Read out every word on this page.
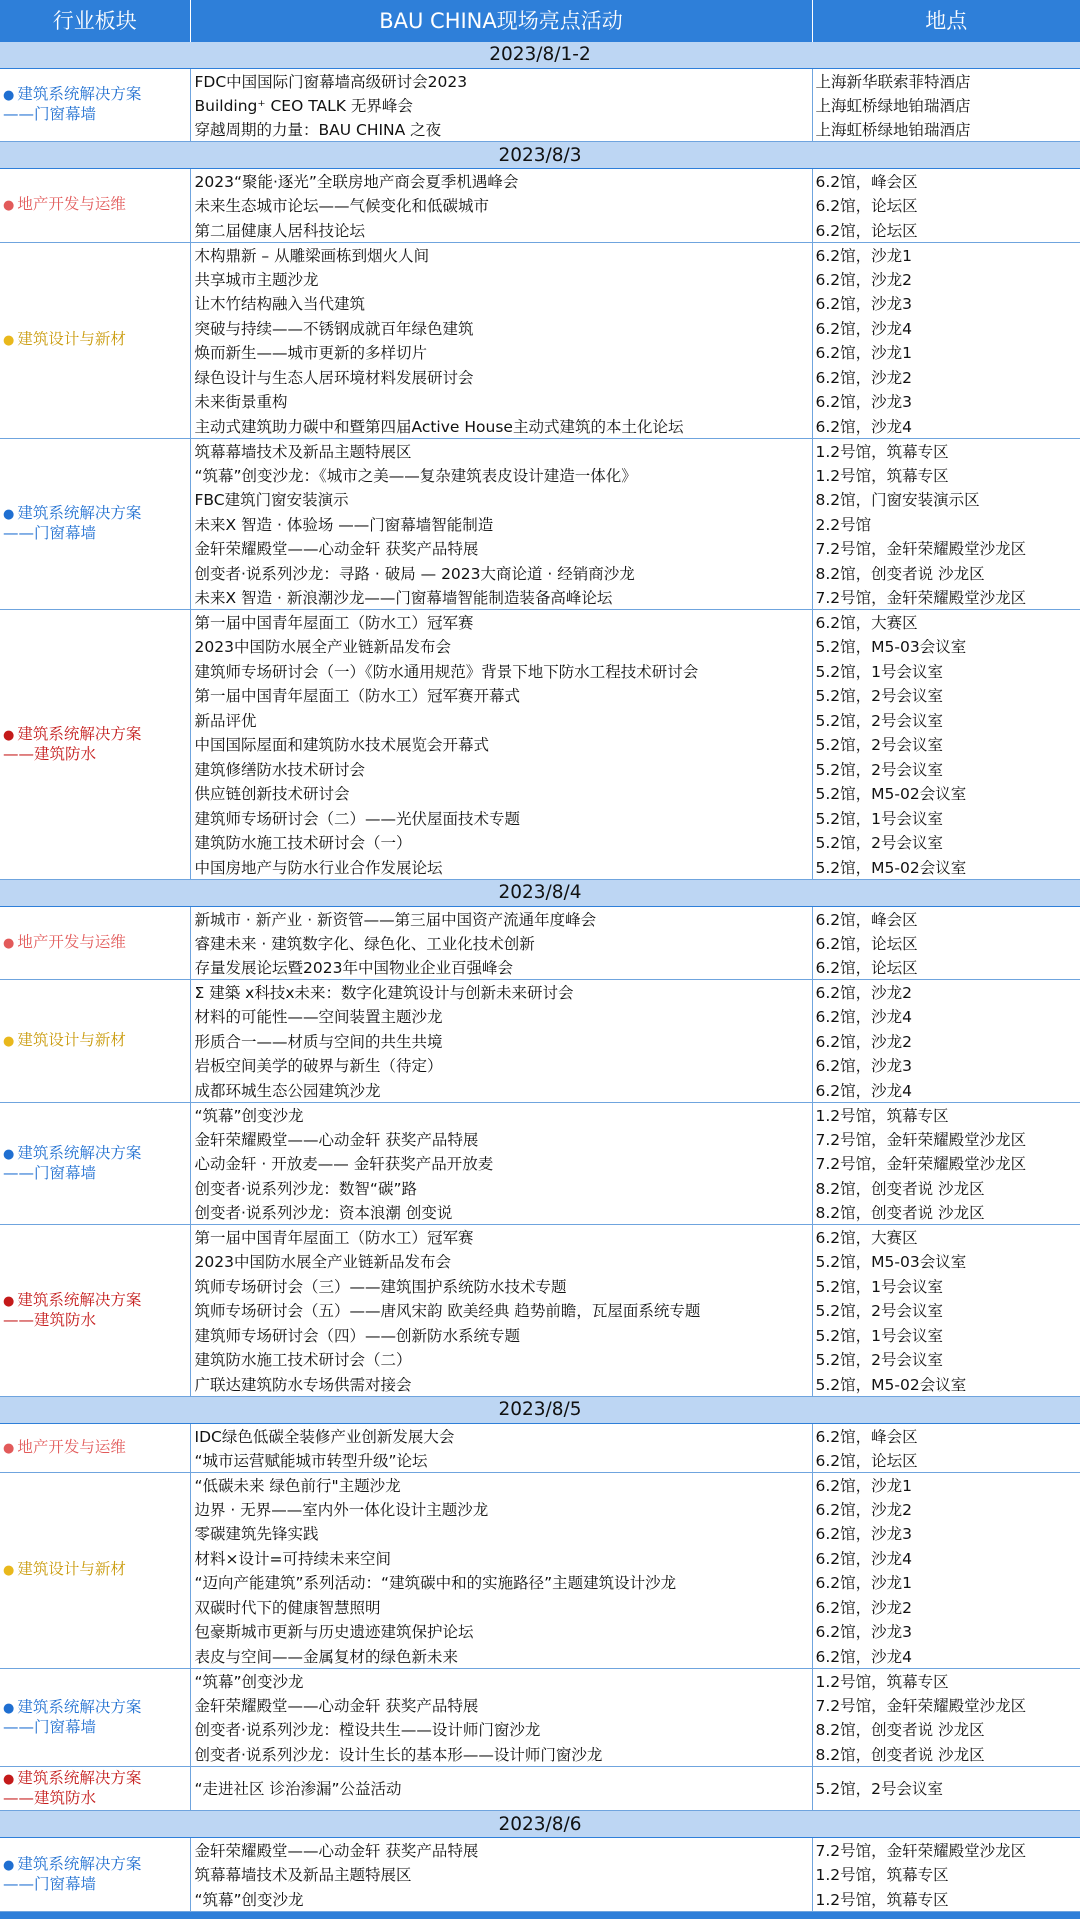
行业板块	BAU CHINA现场亮点活动	地点
2023/8/1-2		

● 建筑系统解决方案
——门窗幕墙	FDC中国国际门窗幕墙高级研讨会2023	上海新华联索菲特酒店
	Building⁺ CEO TALK 无界峰会	上海虹桥绿地铂瑞酒店
	穿越周期的力量：BAU CHINA 之夜	上海虹桥绿地铂瑞酒店
2023/8/3		

● 地产开发与运维	2023“聚能·逐光”全联房地产商会夏季机遇峰会	6.2馆，峰会区
	未来生态城市论坛——气候变化和低碳城市	6.2馆，论坛区
	第二届健康人居科技论坛	6.2馆，论坛区

● 建筑设计与新材	木构鼎新 – 从雕梁画栋到烟火人间	6.2馆，沙龙1
	共享城市主题沙龙	6.2馆，沙龙2
	让木竹结构融入当代建筑	6.2馆，沙龙3
	突破与持续——不锈钢成就百年绿色建筑	6.2馆，沙龙4
	焕而新生——城市更新的多样切片	6.2馆，沙龙1
	绿色设计与生态人居环境材料发展研讨会	6.2馆，沙龙2
	未来街景重构	6.2馆，沙龙3
	主动式建筑助力碳中和暨第四届Active House主动式建筑的本土化论坛	6.2馆，沙龙4

● 建筑系统解决方案
——门窗幕墙	筑幕幕墙技术及新品主题特展区	1.2号馆，筑幕专区
	“筑幕”创变沙龙：《城市之美——复杂建筑表皮设计建造一体化》	1.2号馆，筑幕专区
	FBC建筑门窗安装演示	8.2馆，门窗安装演示区
	未来X 智造 · 体验场 ——门窗幕墙智能制造	2.2号馆
	金轩荣耀殿堂——心动金轩 获奖产品特展	7.2号馆，金轩荣耀殿堂沙龙区
	创变者·说系列沙龙：寻路 · 破局 — 2023大商论道 · 经销商沙龙	8.2馆，创变者说 沙龙区
	未来X 智造 · 新浪潮沙龙——门窗幕墙智能制造装备高峰论坛	7.2号馆，金轩荣耀殿堂沙龙区

● 建筑系统解决方案
——建筑防水	第一届中国青年屋面工（防水工）冠军赛	6.2馆，大赛区
	2023中国防水展全产业链新品发布会	5.2馆，M5-03会议室
	建筑师专场研讨会（一）《防水通用规范》背景下地下防水工程技术研讨会	5.2馆，1号会议室
	第一届中国青年屋面工（防水工）冠军赛开幕式	5.2馆，2号会议室
	新品评优	5.2馆，2号会议室
	中国国际屋面和建筑防水技术展览会开幕式	5.2馆，2号会议室
	建筑修缮防水技术研讨会	5.2馆，2号会议室
	供应链创新技术研讨会	5.2馆，M5-02会议室
	建筑师专场研讨会（二）——光伏屋面技术专题	5.2馆，1号会议室
	建筑防水施工技术研讨会（一）	5.2馆，2号会议室
	中国房地产与防水行业合作发展论坛	5.2馆，M5-02会议室
2023/8/4		

● 地产开发与运维	新城市 · 新产业 · 新资管——第三届中国资产流通年度峰会	6.2馆，峰会区
	睿建未来 · 建筑数字化、绿色化、工业化技术创新	6.2馆，论坛区
	存量发展论坛暨2023年中国物业企业百强峰会	6.2馆，论坛区

● 建筑设计与新材	Σ 建築 x科技x未来：数字化建筑设计与创新未来研讨会	6.2馆，沙龙2
	材料的可能性——空间装置主题沙龙	6.2馆，沙龙4
	形质合一——材质与空间的共生共境	6.2馆，沙龙2
	岩板空间美学的破界与新生（待定）	6.2馆，沙龙3
	成都环城生态公园建筑沙龙	6.2馆，沙龙4

● 建筑系统解决方案
——门窗幕墙	“筑幕”创变沙龙	1.2号馆，筑幕专区
	金轩荣耀殿堂——心动金轩 获奖产品特展	7.2号馆，金轩荣耀殿堂沙龙区
	心动金轩 · 开放麦—— 金轩获奖产品开放麦	7.2号馆，金轩荣耀殿堂沙龙区
	创变者·说系列沙龙：数智“碳”路	8.2馆，创变者说 沙龙区
	创变者·说系列沙龙：资本浪潮 创变说	8.2馆，创变者说 沙龙区

● 建筑系统解决方案
——建筑防水	第一届中国青年屋面工（防水工）冠军赛	6.2馆，大赛区
	2023中国防水展全产业链新品发布会	5.2馆，M5-03会议室
	筑师专场研讨会（三）——建筑围护系统防水技术专题	5.2馆，1号会议室
	筑师专场研讨会（五）——唐风宋韵 欧美经典 趋势前瞻，瓦屋面系统专题	5.2馆，2号会议室
	建筑师专场研讨会（四）——创新防水系统专题	5.2馆，1号会议室
	建筑防水施工技术研讨会（二）	5.2馆，2号会议室
	广联达建筑防水专场供需对接会	5.2馆，M5-02会议室
2023/8/5		

● 地产开发与运维	IDC绿色低碳全装修产业创新发展大会	6.2馆，峰会区
	“城市运营赋能城市转型升级”论坛	6.2馆，论坛区

● 建筑设计与新材	“低碳未来 绿色前行"主题沙龙	6.2馆，沙龙1
	边界 · 无界——室内外一体化设计主题沙龙	6.2馆，沙龙2
	零碳建筑先锋实践	6.2馆，沙龙3
	材料×设计=可持续未来空间	6.2馆，沙龙4
	“迈向产能建筑”系列活动：“建筑碳中和的实施路径”主题建筑设计沙龙	6.2馆，沙龙1
	双碳时代下的健康智慧照明	6.2馆，沙龙2
	包豪斯城市更新与历史遗迹建筑保护论坛	6.2馆，沙龙3
	表皮与空间——金属复材的绿色新未来	6.2馆，沙龙4

● 建筑系统解决方案
——门窗幕墙	“筑幕”创变沙龙	1.2号馆，筑幕专区
	金轩荣耀殿堂——心动金轩 获奖产品特展	7.2号馆，金轩荣耀殿堂沙龙区
	创变者·说系列沙龙：樘设共生——设计师门窗沙龙	8.2馆，创变者说 沙龙区
	创变者·说系列沙龙：设计生长的基本形——设计师门窗沙龙	8.2馆，创变者说 沙龙区

● 建筑系统解决方案
——建筑防水	“走进社区 诊治渗漏”公益活动	5.2馆，2号会议室
2023/8/6		

● 建筑系统解决方案
——门窗幕墙	金轩荣耀殿堂——心动金轩 获奖产品特展	7.2号馆，金轩荣耀殿堂沙龙区
	筑幕幕墙技术及新品主题特展区	1.2号馆，筑幕专区
	“筑幕”创变沙龙	1.2号馆，筑幕专区
